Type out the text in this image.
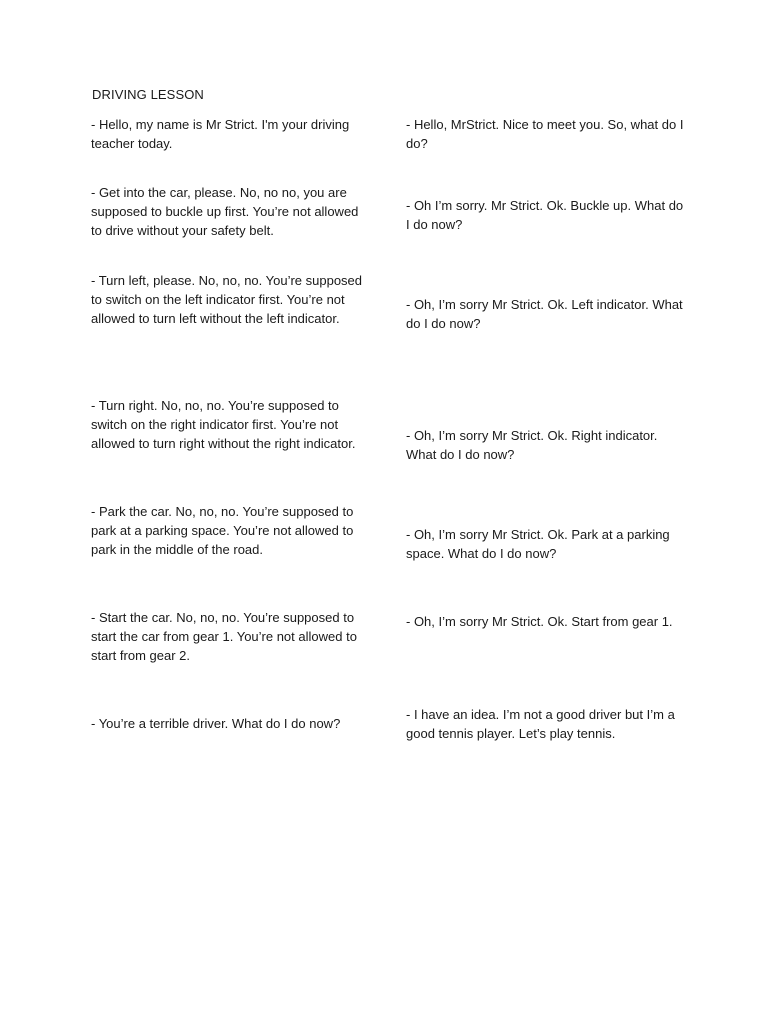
DRIVING LESSON
- Hello, my name is Mr Strict. I'm your driving teacher today.
- Get into the car, please. No, no no, you are supposed to buckle up first. You’re not allowed to drive without your safety belt.
- Turn left, please. No, no, no. You’re supposed to switch on the left indicator first. You’re not allowed to turn left without the left indicator.
- Turn right. No, no, no. You’re supposed to switch on the right indicator first. You’re not allowed to turn right without the right indicator.
- Park the car. No, no, no. You’re supposed to park at a parking space. You’re not allowed to park in the middle of the road.
- Start the car. No, no, no. You’re supposed to start the car from gear 1. You’re not allowed to start from gear 2.
- You’re a terrible driver. What do I do now?
- Hello, MrStrict. Nice to meet you. So, what do I do?
- Oh I’m sorry. Mr Strict. Ok. Buckle up. What do I do now?
- Oh, I’m sorry Mr Strict. Ok. Left indicator. What do I do now?
- Oh, I’m sorry Mr Strict. Ok. Right indicator. What do I do now?
- Oh, I’m sorry Mr Strict. Ok. Park at a parking space. What do I do now?
- Oh, I’m sorry Mr Strict. Ok. Start from gear 1.
- I have an idea. I’m not a good driver but I’m a good tennis player. Let’s play tennis.
